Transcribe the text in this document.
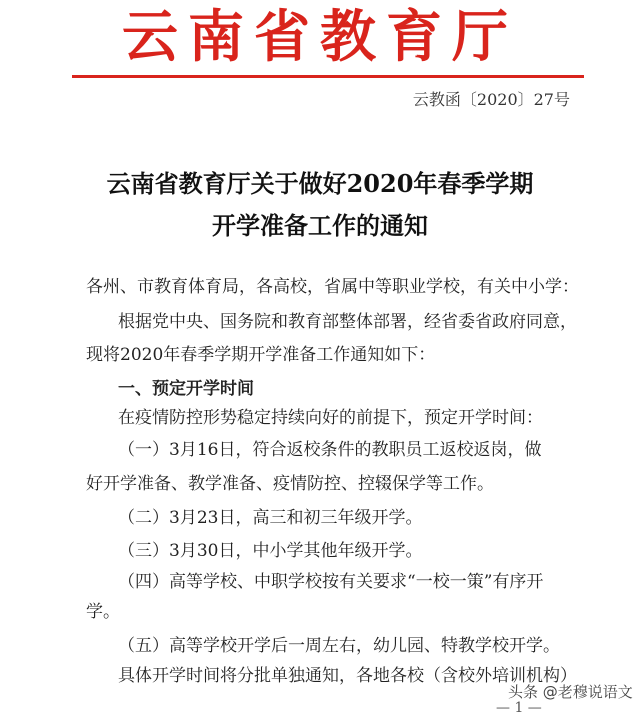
云南省教育厅
云教函〔2020〕27号
云南省教育厅关于做好2020年春季学期
开学准备工作的通知
各州、市教育体育局，各高校，省属中等职业学校，有关中小学：
根据党中央、国务院和教育部整体部署，经省委省政府同意，
现将2020年春季学期开学准备工作通知如下：
一、预定开学时间
在疫情防控形势稳定持续向好的前提下，预定开学时间：
（一）3月16日，符合返校条件的教职员工返校返岗，做
好开学准备、教学准备、疫情防控、控辍保学等工作。
（二）3月23日，高三和初三年级开学。
（三）3月30日，中小学其他年级开学。
（四）高等学校、中职学校按有关要求“一校一策”有序开
学。
（五）高等学校开学后一周左右，幼儿园、特教学校开学。
具体开学时间将分批单独通知，各地各校（含校外培训机构）
头条 @老穆说语文
— 1 —
